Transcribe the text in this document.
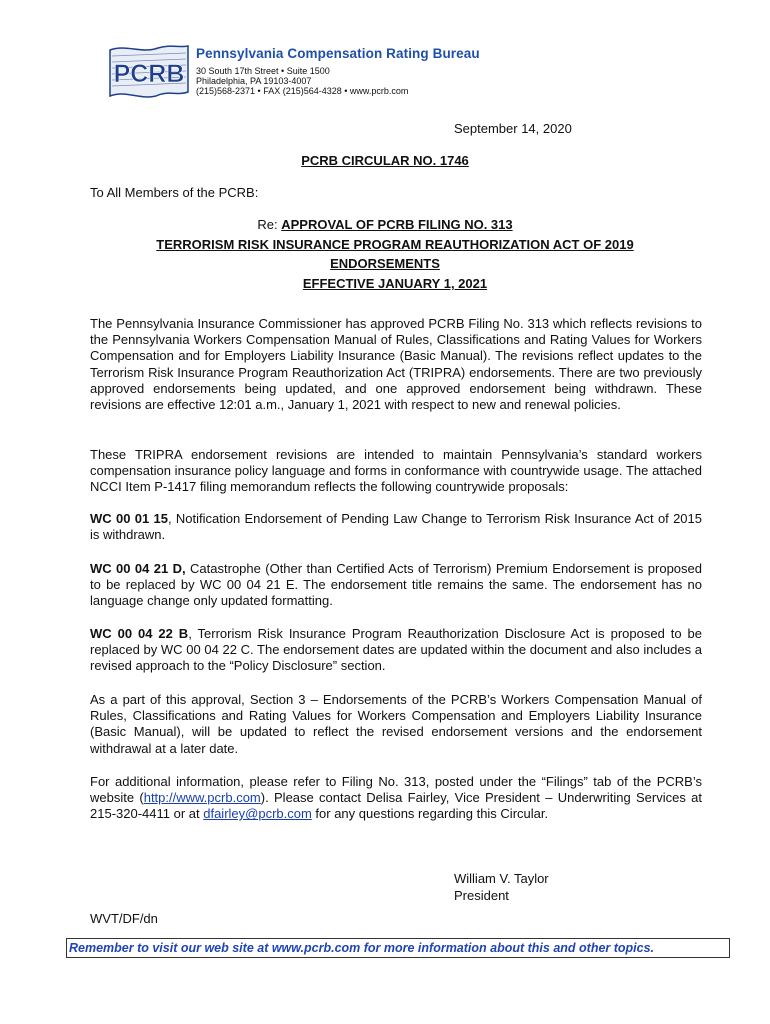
PCRB
Pennsylvania Compensation Rating Bureau
30 South 17th Street • Suite 1500
Philadelphia, PA 19103-4007
(215)568-2371 • FAX (215)564-4328 • www.pcrb.com
September 14, 2020
PCRB CIRCULAR NO. 1746
To All Members of the PCRB:
Re: APPROVAL OF PCRB FILING NO. 313
TERRORISM RISK INSURANCE PROGRAM REAUTHORIZATION ACT OF 2019
ENDORSEMENTS
EFFECTIVE JANUARY 1, 2021
The Pennsylvania Insurance Commissioner has approved PCRB Filing No. 313 which reflects revisions to the Pennsylvania Workers Compensation Manual of Rules, Classifications and Rating Values for Workers Compensation and for Employers Liability Insurance (Basic Manual). The revisions reflect updates to the Terrorism Risk Insurance Program Reauthorization Act (TRIPRA) endorsements. There are two previously approved endorsements being updated, and one approved endorsement being withdrawn. These revisions are effective 12:01 a.m., January 1, 2021 with respect to new and renewal policies.
These TRIPRA endorsement revisions are intended to maintain Pennsylvania’s standard workers compensation insurance policy language and forms in conformance with countrywide usage. The attached NCCI Item P-1417 filing memorandum reflects the following countrywide proposals:
WC 00 01 15, Notification Endorsement of Pending Law Change to Terrorism Risk Insurance Act of 2015 is withdrawn.
WC 00 04 21 D, Catastrophe (Other than Certified Acts of Terrorism) Premium Endorsement is proposed to be replaced by WC 00 04 21 E. The endorsement title remains the same. The endorsement has no language change only updated formatting.
WC 00 04 22 B, Terrorism Risk Insurance Program Reauthorization Disclosure Act is proposed to be replaced by WC 00 04 22 C. The endorsement dates are updated within the document and also includes a revised approach to the “Policy Disclosure” section.
As a part of this approval, Section 3 – Endorsements of the PCRB’s Workers Compensation Manual of Rules, Classifications and Rating Values for Workers Compensation and Employers Liability Insurance (Basic Manual), will be updated to reflect the revised endorsement versions and the endorsement withdrawal at a later date.
For additional information, please refer to Filing No. 313, posted under the “Filings” tab of the PCRB’s website (http://www.pcrb.com). Please contact Delisa Fairley, Vice President – Underwriting Services at 215-320-4411 or at dfairley@pcrb.com for any questions regarding this Circular.
William V. Taylor
President
WVT/DF/dn
Remember to visit our web site at www.pcrb.com for more information about this and other topics.
